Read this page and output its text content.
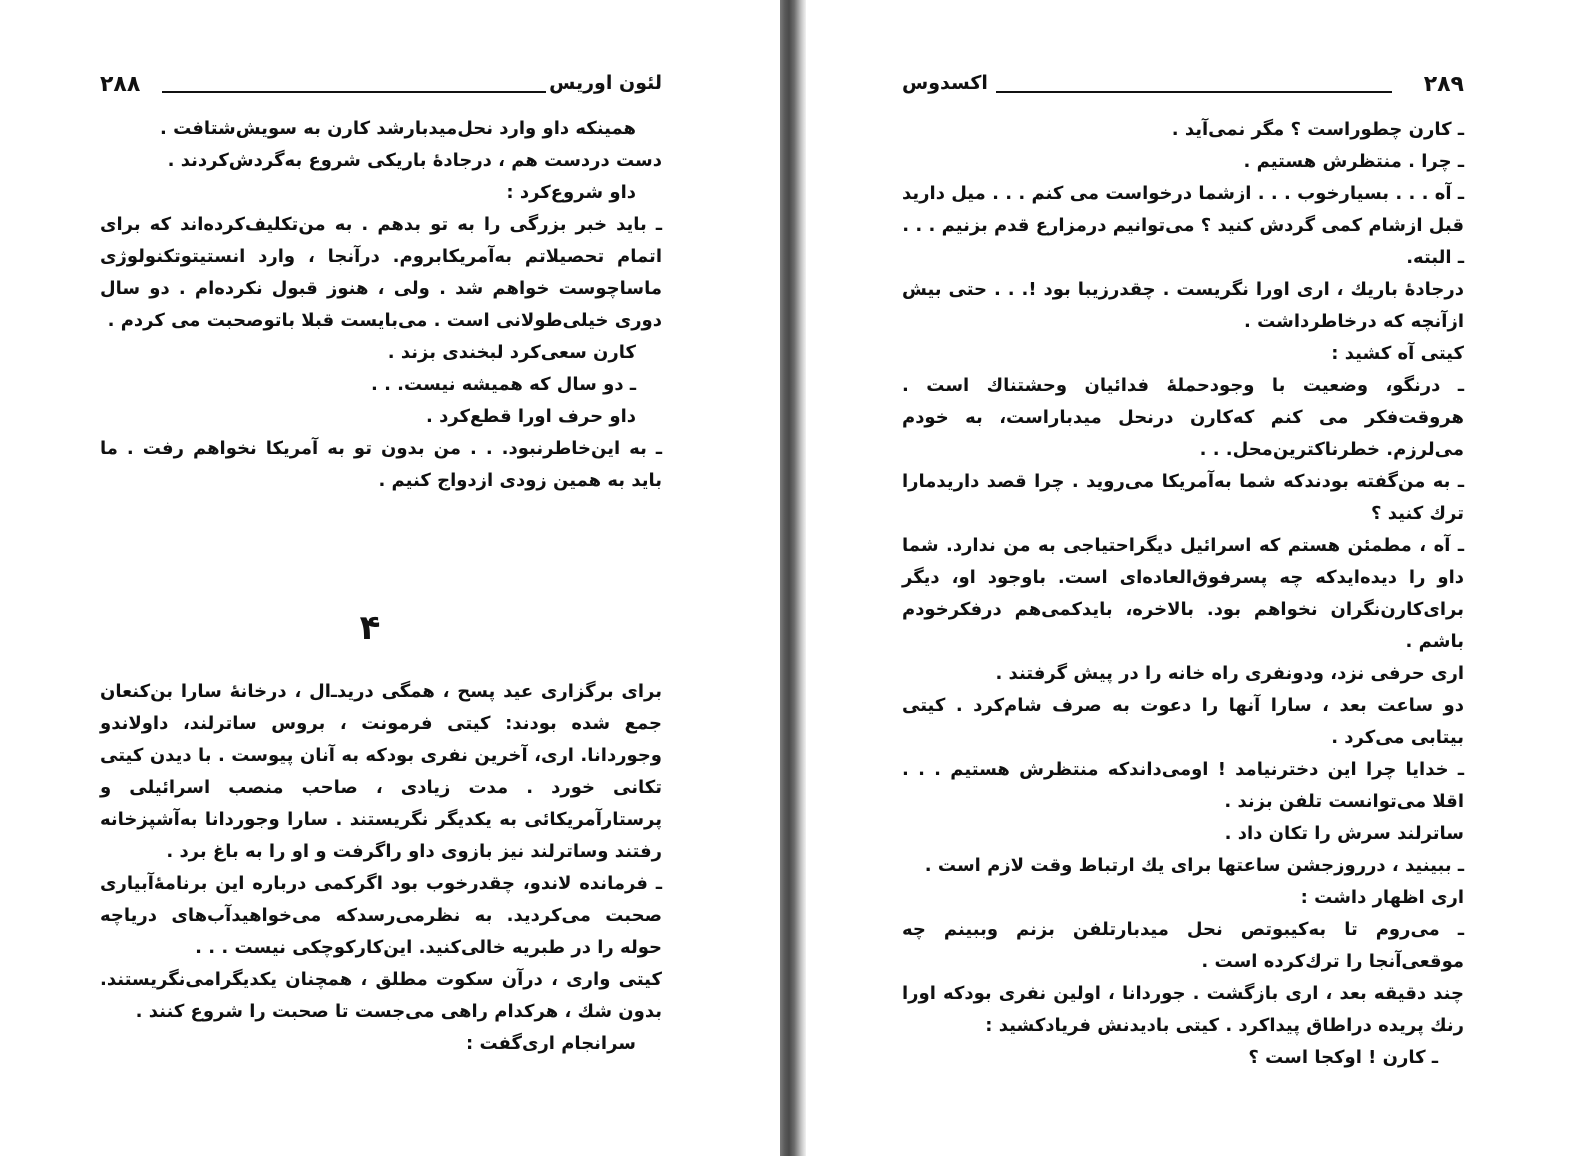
۲۸۸	لئون اوریس

همینکه داو وارد نحل‌میدبارشد کارن به سویش‌شتافت .

دست دردست هم ، درجادهٔ باریکی شروع به‌گردش‌کردند .

داو شروع‌کرد :

ـ باید خبر بزرگی را به تو بدهم . به من‌تکلیف‌کرده‌اند که برای اتمام تحصیلاتم به‌آمریکابروم. درآنجا ، وارد انستیتوتکنولوژی ماساچوست خواهم شد . ولی ، هنوز قبول نکرده‌ام . دو سال دوری خیلی‌طولانی است . می‌بایست قبلا باتوصحبت می کردم .

کارن سعی‌کرد لبخندی بزند .

ـ دو سال که همیشه نیست. . .

داو حرف اورا قطع‌کرد .

ـ به این‌خاطرنبود. . . من بدون تو به آمریکا نخواهم رفت . ما باید به همین زودی ازدواج کنیم .

۴

برای برگزاری عید پسح ، همگی دریدـ‌ال ، درخانهٔ سارا بن‌کنعان جمع شده بودند: کیتی فرمونت ، بروس ساترلند، داولاندو وجوردانا. اری، آخرین نفری بودکه به آنان پیوست . با دیدن کیتی تکانی خورد . مدت زیادی ، صاحب منصب اسرائیلی و پرستارآمریکائی به یکدیگر نگریستند . سارا وجوردانا به‌آشپزخانه رفتند وساترلند نیز بازوی داو راگرفت و او را به باغ برد .

ـ فرمانده لاندو، چقدرخوب بود اگرکمی درباره این برنامهٔ‌آبیاری صحبت می‌کردید. به نظرمی‌رسدکه می‌خواهیدآب‌های دریاچه حوله را در طبریه خالی‌کنید. این‌کارکوچکی نیست . . .

کیتی واری ، درآن سکوت مطلق ، همچنان یکدیگرامی‌نگریستند. بدون شك ، هرکدام راهی می‌جست تا صحبت را شروع کنند .

سرانجام اری‌گفت :

۲۸۹
اکسدوس

ـ کارن چطوراست ؟ مگر نمی‌آید .

ـ چرا . منتظرش هستیم .

ـ آه . . . بسیارخوب . . . ازشما درخواست می کنم . . . میل دارید قبل ازشام کمی گردش کنید ؟ می‌توانیم درمزارع قدم بزنیم . . .

ـ البته.

درجادهٔ باریك ، اری اورا نگریست . چقدرزیبا بود !. . . حتی بیش ازآنچه که درخاطرداشت .

کیتی آه کشید :

ـ درنگو، وضعیت با وجودحملهٔ فدائیان وحشتناك است . هروقت‌فکر می کنم که‌کارن درنحل میدباراست، به خودم می‌لرزم. خطرناکترین‌محل. . .

ـ به من‌گفته بودندکه شما به‌آمریکا می‌روید . چرا قصد داریدمارا ترك کنید ؟

ـ آه ، مطمئن هستم که اسرائیل دیگراحتیاجی به من ندارد. شما داو را دیده‌ایدکه چه پسرفوق‌العاده‌ای است. باوجود او، دیگر برای‌کارن‌نگران نخواهم بود. بالاخره، بایدکمی‌هم درفکرخودم باشم .

اری حرفی نزد، ودونفری راه خانه را در پیش گرفتند .

دو ساعت بعد ، سارا آنها را دعوت به صرف شام‌کرد . کیتی بیتابی می‌کرد .

ـ خدایا چرا این دخترنیامد ! اومی‌داندکه منتظرش هستیم . . . اقلا می‌توانست تلفن بزند .

ساترلند سرش را تکان داد .

ـ ببینید ، درروزجشن ساعتها برای یك ارتباط وقت لازم است .

اری اظهار داشت :

ـ می‌روم تا به‌کیبوتص نحل میدبارتلفن بزنم وببینم چه موقعی‌آنجا را ترك‌کرده است .

چند دقیقه بعد ، اری بازگشت . جوردانا ، اولین نفری بودکه اورا رنك پریده دراطاق پیداکرد . کیتی بادیدنش فریادکشید :

ـ کارن ! اوکجا است ؟
